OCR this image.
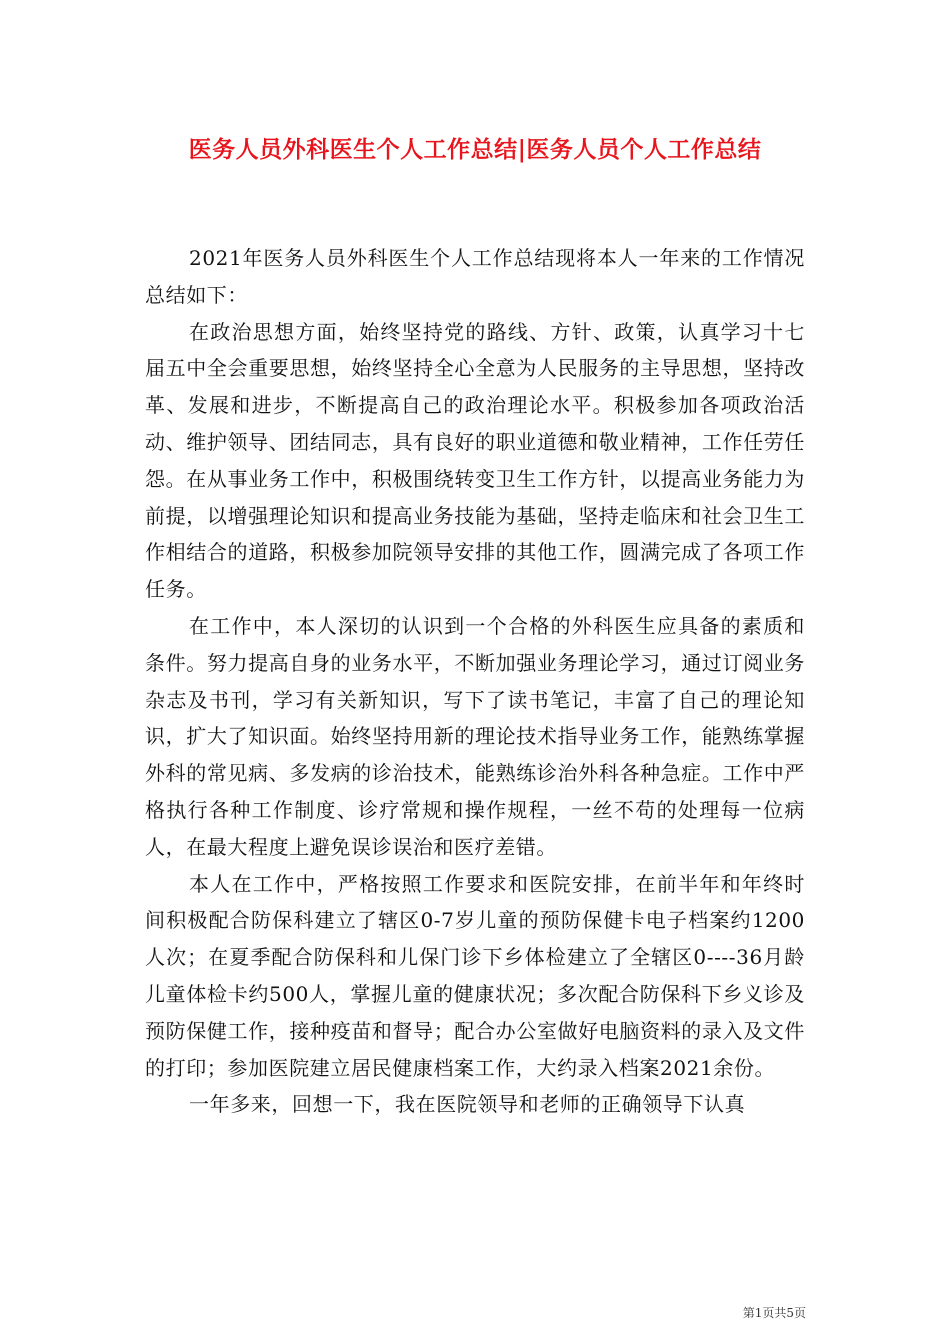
医务人员外科医生个人工作总结|医务人员个人工作总结

2021年医务人员外科医生个人工作总结现将本人一年来的工作情况总结如下：

在政治思想方面，始终坚持党的路线、方针、政策，认真学习十七届五中全会重要思想，始终坚持全心全意为人民服务的主导思想，坚持改革、发展和进步，不断提高自己的政治理论水平。积极参加各项政治活动、维护领导、团结同志，具有良好的职业道德和敬业精神，工作任劳任怨。在从事业务工作中，积极围绕转变卫生工作方针，以提高业务能力为前提，以增强理论知识和提高业务技能为基础，坚持走临床和社会卫生工作相结合的道路，积极参加院领导安排的其他工作，圆满完成了各项工作任务。

在工作中，本人深切的认识到一个合格的外科医生应具备的素质和条件。努力提高自身的业务水平，不断加强业务理论学习，通过订阅业务杂志及书刊，学习有关新知识，写下了读书笔记，丰富了自己的理论知识，扩大了知识面。始终坚持用新的理论技术指导业务工作，能熟练掌握外科的常见病、多发病的诊治技术，能熟练诊治外科各种急症。工作中严格执行各种工作制度、诊疗常规和操作规程，一丝不苟的处理每一位病人，在最大程度上避免误诊误治和医疗差错。

本人在工作中，严格按照工作要求和医院安排，在前半年和年终时间积极配合防保科建立了辖区0-7岁儿童的预防保健卡电子档案约1200人次；在夏季配合防保科和儿保门诊下乡体检建立了全辖区0----36月龄儿童体检卡约500人，掌握儿童的健康状况；多次配合防保科下乡义诊及预防保健工作，接种疫苗和督导；配合办公室做好电脑资料的录入及文件的打印；参加医院建立居民健康档案工作，大约录入档案2021余份。

一年多来，回想一下，我在医院领导和老师的正确领导下认真

第1页共5页
